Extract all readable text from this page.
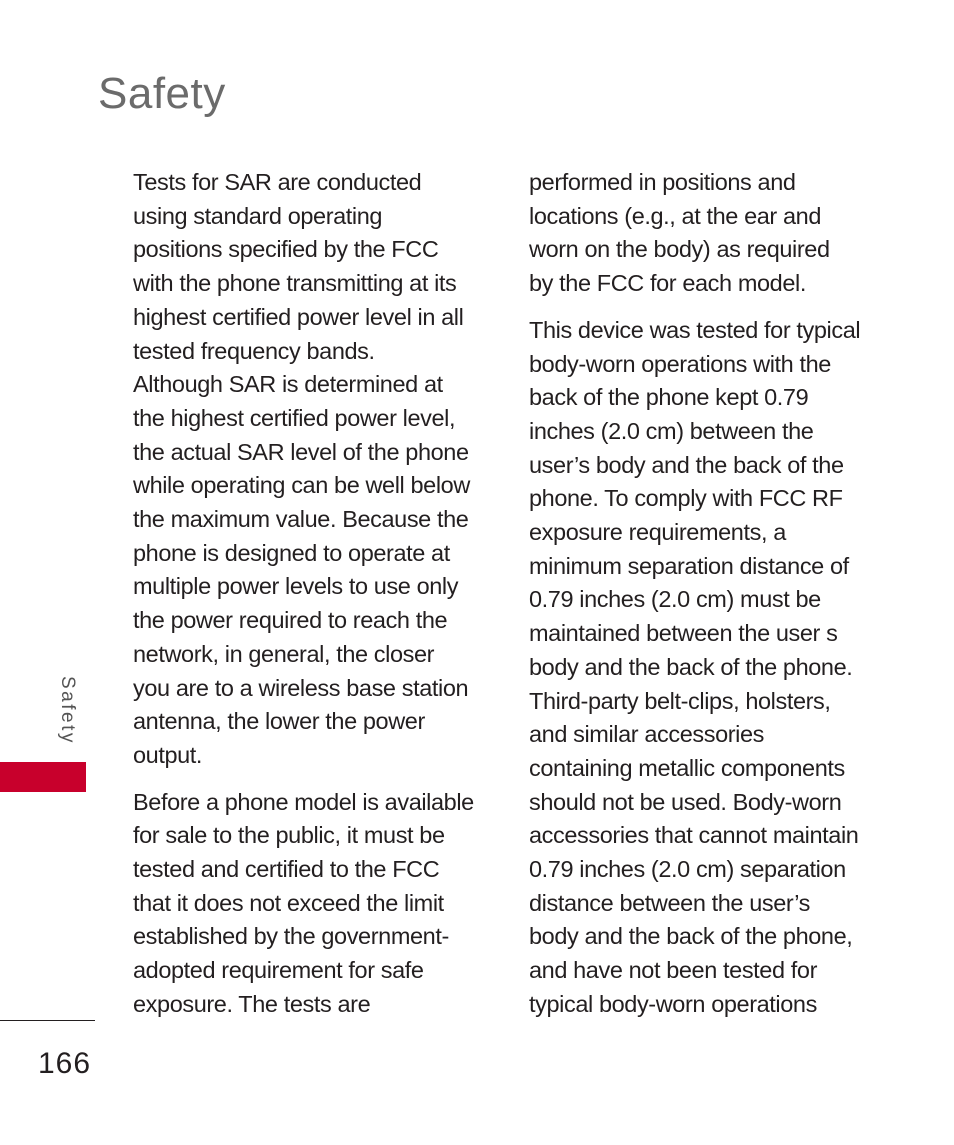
Safety
Tests for SAR are conducted
using standard operating
positions specified by the FCC
with the phone transmitting at its
highest certified power level in all
tested frequency bands.
Although SAR is determined at
the highest certified power level,
the actual SAR level of the phone
while operating can be well below
the maximum value. Because the
phone is designed to operate at
multiple power levels to use only
the power required to reach the
network, in general, the closer
you are to a wireless base station
antenna, the lower the power
output.
Before a phone model is available
for sale to the public, it must be
tested and certified to the FCC
that it does not exceed the limit
established by the government-
adopted requirement for safe
exposure. The tests are
performed in positions and
locations (e.g., at the ear and
worn on the body) as required
by the FCC for each model.
This device was tested for typical
body-worn operations with the
back of the phone kept 0.79
inches (2.0 cm) between the
user’s body and the back of the
phone. To comply with FCC RF
exposure requirements, a
minimum separation distance of
0.79 inches (2.0 cm) must be
maintained between the user s
body and the back of the phone.
Third-party belt-clips, holsters,
and similar accessories
containing metallic components
should not be used. Body-worn
accessories that cannot maintain
0.79 inches (2.0 cm) separation
distance between the user’s
body and the back of the phone,
and have not been tested for
typical body-worn operations
Safety
166
